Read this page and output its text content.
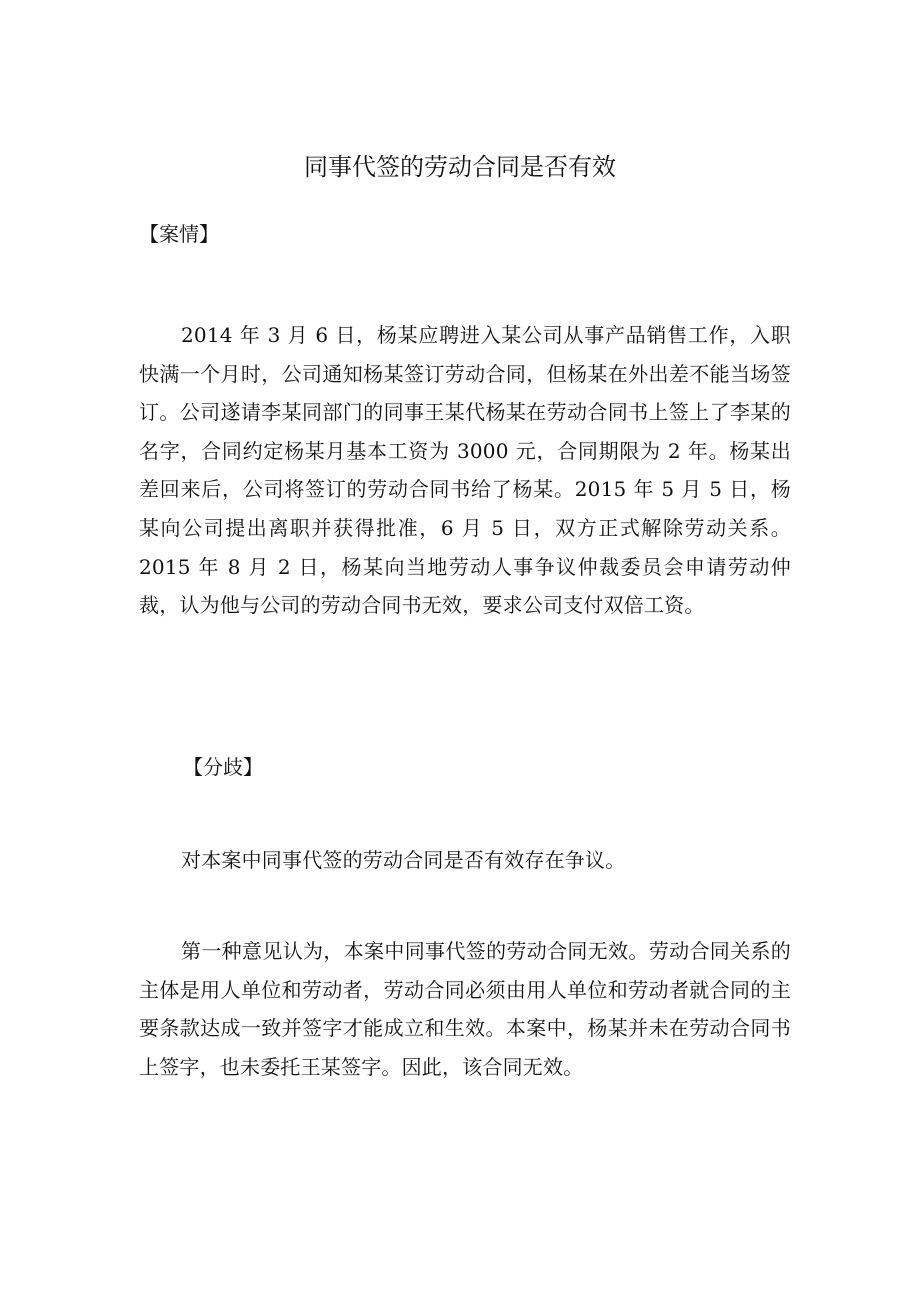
同事代签的劳动合同是否有效
【案情】

2014 年 3 月 6 日，杨某应聘进入某公司从事产品销售工作，入职快满一个月时，公司通知杨某签订劳动合同，但杨某在外出差不能当场签订。公司遂请李某同部门的同事王某代杨某在劳动合同书上签上了李某的名字，合同约定杨某月基本工资为 3000 元，合同期限为 2 年。杨某出差回来后，公司将签订的劳动合同书给了杨某。2015 年 5 月 5 日，杨某向公司提出离职并获得批准，6 月 5 日，双方正式解除劳动关系。2015 年 8 月 2 日，杨某向当地劳动人事争议仲裁委员会申请劳动仲裁，认为他与公司的劳动合同书无效，要求公司支付双倍工资。

【分歧】

对本案中同事代签的劳动合同是否有效存在争议。

第一种意见认为，本案中同事代签的劳动合同无效。劳动合同关系的主体是用人单位和劳动者，劳动合同必须由用人单位和劳动者就合同的主要条款达成一致并签字才能成立和生效。本案中，杨某并未在劳动合同书上签字，也未委托王某签字。因此，该合同无效。
